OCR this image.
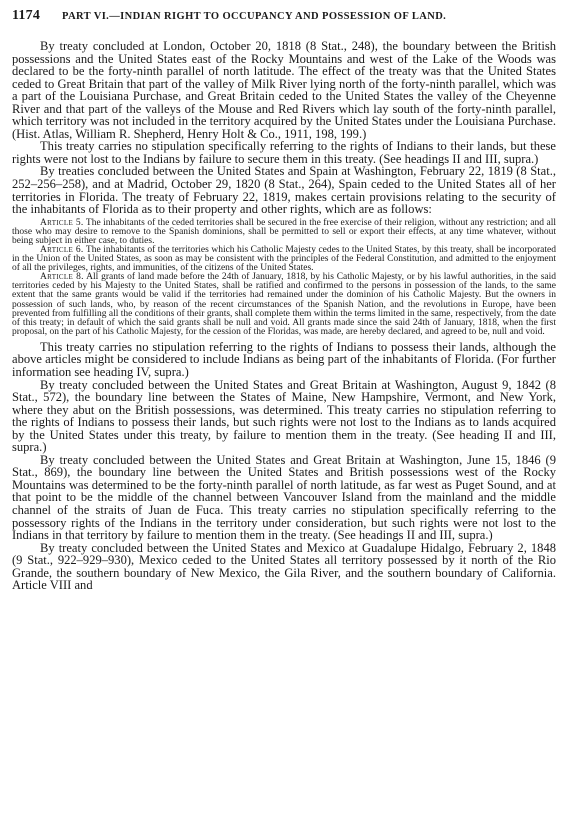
1174 PART VI.—INDIAN RIGHT TO OCCUPANCY AND POSSESSION OF LAND.

By treaty concluded at London, October 20, 1818 (8 Stat., 248), the boundary between the British possessions and the United States east of the Rocky Mountains and west of the Lake of the Woods was declared to be the forty-ninth parallel of north latitude. The effect of the treaty was that the United States ceded to Great Britain that part of the valley of Milk River lying north of the forty-ninth parallel, which was a part of the Louisiana Purchase, and Great Britain ceded to the United States the valley of the Cheyenne River and that part of the valleys of the Mouse and Red Rivers which lay south of the forty-ninth parallel, which territory was not included in the territory acquired by the United States under the Louisiana Purchase. (Hist. Atlas, William R. Shepherd, Henry Holt & Co., 1911, 198, 199.)

This treaty carries no stipulation specifically referring to the rights of Indians to their lands, but these rights were not lost to the Indians by failure to secure them in this treaty. (See headings II and III, supra.)

By treaties concluded between the United States and Spain at Washington, February 22, 1819 (8 Stat., 252–256–258), and at Madrid, October 29, 1820 (8 Stat., 264), Spain ceded to the United States all of her territories in Florida. The treaty of February 22, 1819, makes certain provisions relating to the security of the inhabitants of Florida as to their property and other rights, which are as follows:

Article 5. The inhabitants of the ceded territories shall be secured in the free exercise of their religion, without any restriction; and all those who may desire to remove to the Spanish dominions, shall be permitted to sell or export their effects, at any time whatever, without being subject in either case, to duties.

Article 6. The inhabitants of the territories which his Catholic Majesty cedes to the United States, by this treaty, shall be incorporated in the Union of the United States, as soon as may be consistent with the principles of the Federal Constitution, and admitted to the enjoyment of all the privileges, rights, and immunities, of the citizens of the United States.

Article 8. All grants of land made before the 24th of January, 1818, by his Catholic Majesty, or by his lawful authorities, in the said territories ceded by his Majesty to the United States, shall be ratified and confirmed to the persons in possession of the lands, to the same extent that the same grants would be valid if the territories had remained under the dominion of his Catholic Majesty. But the owners in possession of such lands, who, by reason of the recent circumstances of the Spanish Nation, and the revolutions in Europe, have been prevented from fulfilling all the conditions of their grants, shall complete them within the terms limited in the same, respectively, from the date of this treaty; in default of which the said grants shall be null and void. All grants made since the said 24th of January, 1818, when the first proposal, on the part of his Catholic Majesty, for the cession of the Floridas, was made, are hereby declared, and agreed to be, null and void.

This treaty carries no stipulation referring to the rights of Indians to possess their lands, although the above articles might be considered to include Indians as being part of the inhabitants of Florida. (For further information see heading IV, supra.)

By treaty concluded between the United States and Great Britain at Washington, August 9, 1842 (8 Stat., 572), the boundary line between the States of Maine, New Hampshire, Vermont, and New York, where they abut on the British possessions, was determined. This treaty carries no stipulation referring to the rights of Indians to possess their lands, but such rights were not lost to the Indians as to lands acquired by the United States under this treaty, by failure to mention them in the treaty. (See heading II and III, supra.)

By treaty concluded between the United States and Great Britain at Washington, June 15, 1846 (9 Stat., 869), the boundary line between the United States and British possessions west of the Rocky Mountains was determined to be the forty-ninth parallel of north latitude, as far west as Puget Sound, and at that point to be the middle of the channel between Vancouver Island from the mainland and the middle channel of the straits of Juan de Fuca. This treaty carries no stipulation specifically referring to the possessory rights of the Indians in the territory under consideration, but such rights were not lost to the Indians in that territory by failure to mention them in the treaty. (See headings II and III, supra.)

By treaty concluded between the United States and Mexico at Guadalupe Hidalgo, February 2, 1848 (9 Stat., 922–929–930), Mexico ceded to the United States all territory possessed by it north of the Rio Grande, the southern boundary of New Mexico, the Gila River, and the southern boundary of California. Article VIII and
